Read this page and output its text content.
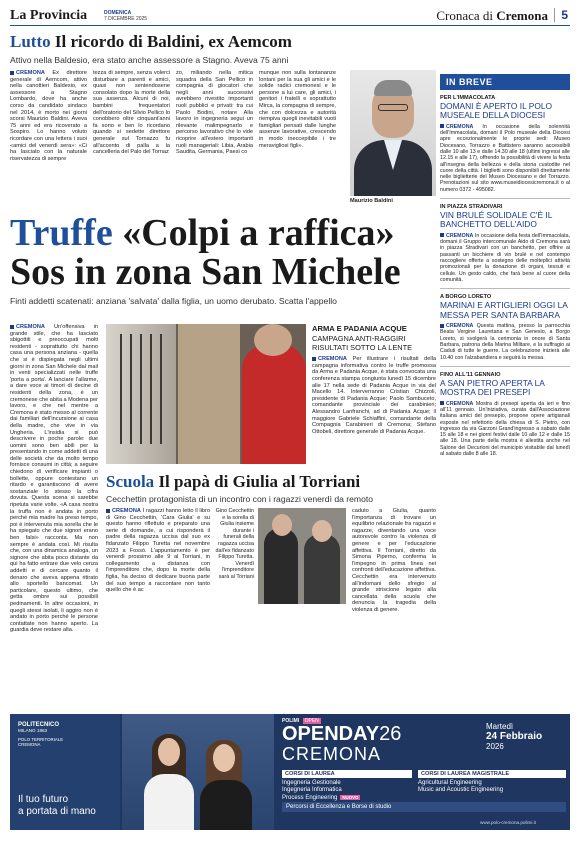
La Provincia	DOMENICA
7 DICEMBRE 2025	Cronaca di Cremona	5
Lutto Il ricordo di Baldini, ex Aemcom
Attivo nella Baldesio, era stato anche assessore a Stagno. Aveva 75 anni
CREMONA Ex direttore generale di Aemcom, attivo nella canottieri Baldesio, ex assessore a Stagno Lombardo, dove ha anche corso da candidato sindaco nel 2014, è morto nei giorni scorsi Maurizio Baldini. Aveva 75 anni ed era ricoverato a Sospiro. Lo hanno voluto ricordare con una lettera i suoi «amici del venerdì sera»: «Ci ha lasciato con la naturale riservatezza di sempre
tezza di sempre, senza volerci disturbare a parenti e amici, quasi non sentendosene consolato dopo la morte della sua assenza. Alcuni di noi, bambini frequentatori dell'oratorio del Silvio Pellico lo conobbero oltre cinquant'anni fa sono e ben lo ricordano quando si sedette direttore generale sul Tornazzo fu all'accento di palla a la cancelleria del Palo del Tornaz
zo, miliando nella mitica squadra della San Pellico in compagnia di giocatori che negli anni successivi avrebbero rivestito importanti ruoli pubblici e privati: tra cui Paolo Bodini, notare Alla lavoro in ingegneria segui un rilevante malimpegnarlo e percorso lavorativo che lo vide ricoprire all'estero importanti ruoli manageriali: Libia, Arabia Saudita, Germania, Paesi co
munque non sulla lontananze lontani per la sua gli amici e le solide radici cremonesi e le persone a lui care, gli amici, i genitori i fratelli e soprattutto Mirca, la compagna di sempre, che con dolcezza e autorità riempiva quegli inevitabili vuoti famigliari pensati dalle lunghe assenze lavorative, crescendo in modo ineccepibile i tre meravigliosi figli».
Maurizio Baldini
Truffe «Colpi a raffica»
Sos in zona San Michele
Finti addetti scatenati: anziana 'salvata' dalla figlia, un uomo derubato. Scatta l'appello
CREMONA Un'offensiva in grande stile, che ha lasciato sbigottiti e preoccupati molti residenti - soprattutto chi hanno casa una persona anziana - quella che si è dispiegata negli ultimi giorni in zona San Michele dal mail in venti specializzati nelle truffe 'porta a porta'. A lanciare l'allarme, a dare voce ai timori di decine di residenti della zona, è un cremonese che abita a Modena per lavoro, e che nel mentre a Cremona è stato messo al corrente dai familiari dell'incursione ai casa della madre, che vive in via Ungheria. L'insidia si può descrivere in poche parole: due uomini sono ben abili per la presentando in come addetti di una delle società che da molto tempo fornisce consumi in città; a seguire chiedono di verificare impianti o bollette, oppure contestano un ritardo e garantiscono di avere sostanziale lo stesso la cifra dovuta. Questa scena si sarebbe ripetuta varie volte. «A casa nostra la truffa non è andata in porto perché mia madre ha preso tempo, poi è intervenuta mia sorella che le ha spiegato che due signori erano ben falsi» racconta. Ma non sempre è andata così. Mi risulta che, con una dinamica analoga, un signore che abita poco distante da qui ha fatto entrare due velo cenza addetti e di cercare quanto il denaro che aveva appena ritirato allo sportello bancomat. Un particolare, questo ultimo, che getta ombre sui possibili pedinamenti. In altre occasioni, in quegli stessi isolati, li aggiro non è andato in porto perché le persone contattate non hanno aperto. La guardia deve restare alta.
ARMA E PADANIA ACQUE
CAMPAGNA ANTI-RAGGIRI RISULTATI SOTTO LA LENTE
CREMONA Per illustrare i risultati della campagna informativa contro le truffe promossa da Arma e Padania Acque, è stata convocata una conferenza stampa congiunta lunedì 15 dicembre alle 17 nella sede di Padania Acque in via del Macello 14. Interverranno Cristian Chizzoli, presidente di Padania Acque; Paolo Sambuceto, comandante provinciale dei carabinieri; Alessandro Lanfranchi, ad di Padania Acque; il maggiore Gabriele Schiaffini, comandante della Compagnia Carabinieri di Cremona; Stefano Ottobeli, direttore generale di Padania Acque.
Scuola Il papà di Giulia al Torriani
Cecchettin protagonista di un incontro con i ragazzi venerdì da remoto
CREMONA I ragazzi hanno letto il libro di Gino Cecchettin, 'Cara Giulia' e su questo hanno riflettuto e preparato una serie di domande, a cui risponderà il padre della ragazza uccisa dal suo ex fidanzato Filippo Turetta nel novembre 2023 a Fossò. L'appuntamento è per venerdì prossimo alle 9 al Torriani, in collegamento a distanza con l'imprenditore che, dopo la morte della figlia, ha deciso di dedicare buona parte del suo tempo a raccontare non tanto quello che è ac
Gino Cecchettin e la sorella di Giulia insieme durante i funerali della ragazza uccisa dall'ex fidanzato Filippo Turetta. Venerdì l'imprenditore sarà al Torriani
caduto a Giulia, quanto l'importanza di trovare un equilibrio relazionale fra ragazzi e ragazze, diventando una voce autorevole contro la violenza di genere e per l'educazione affettiva. Il Torriani, diretto da Simona Piperno, conferma la l'impegno in prima linea nei confronti dell'educazione affettiva. Cecchettin era intervenuto all'indomani dello sfregio al grande striscione legato alla cancellata della scuola che denuncia la tragedia della violenza di genere.
IN BREVE
PER L'IMMACOLATA
DOMANI È APERTO IL POLO MUSEALE DELLA DIOCESI
CREMONA In occasione della solennità dell'Immacolata, domani il Polo museale della Diocesi apre eccezionalmente le proprie sedi: Museo Diocesano, Torrazzo e Battistero saranno accessibili dalle 10 alle 13 e dalle 14.30 alle 18 (ultimi ingressi alle 12.15 e alle 17), offrendo la possibilità di vivere la festa all'insegna della bellezza e della storia custodite nel cuore della città. I biglietti sono disponibili direttamente nelle biglietterie del Museo Diocesano e del Torrazzo. Prenotazioni sul sito www.museidiocesicremona.it o al numero 0372 - 495082.
IN PIAZZA STRADIVARI
VIN BRULÉ SOLIDALE C'È IL BANCHETTO DELL'AIDO
CREMONA In occasione della festa dell'Immacolata, domani il Gruppo intercomunale Aido di Cremona sarà in piazza Stradivari con un banchetto, per offrire ai passanti un bicchiere di vin brulé e nel contempo raccogliere offerte a sostegno delle molteplici attività promozionali per la donazione di organi, tessuti e cellule. Un gesto caldo, che farà bene al cuore della comunità.
A BORGO LORETO
MARINAI E ARTIGLIERI OGGI LA MESSA PER SANTA BARBARA
CREMONA Questa mattina, presso la parrocchia Beata Vergine Lauretana e San Genesio, a Borgo Loreto, si svolgerà la cerimonia in onore di Santa Barbara, patrona della Marina Militare, e la suffragio ai Caduti di tutte le guerre. La celebrazione inizierà alle 10.40 con l'alzabandiera e seguirà la messa.
FINO ALL'11 GENNAIO
A SAN PIETRO APERTA LA MOSTRA DEI PRESEPI
CREMONA Mostra di presepi aperta da ieri e fino all'11 gennaio. Un'iniziativa, curata dall'Associazione italiana amici del presepio, propone opere artigianali esposte nel refettorio della chiesa di S. Pietro, con ingresso da via Garzoni Grand'ingresso a sabato dalle 15 alle 18 e nei giorni festivi dalle 10 alle 12 e dalle 15 alle 18. Una parte della mostra è allestita anche nel Salone dei Decurioni del municipio visitabile dal lunedì al sabato dalle 8 alle 18.
POLITECNICO
MILANO 1863
POLO TERRITORIALE
CREMONA
Il tuo futuro
a portata di mano
POLIMI OPEN
OPENDAY26
CREMONA
Martedì
24 Febbraio
2026
CORSI DI LAUREA
Ingegneria Gestionale
Ingegneria Informatica
Process Engineering NUOVO
CORSI DI LAUREA MAGISTRALE
Agricultural Engineering
Music and Acoustic Engineering
Percorsi di Eccellenza e Borse di studio
www.polo-cremona.polimi.it
